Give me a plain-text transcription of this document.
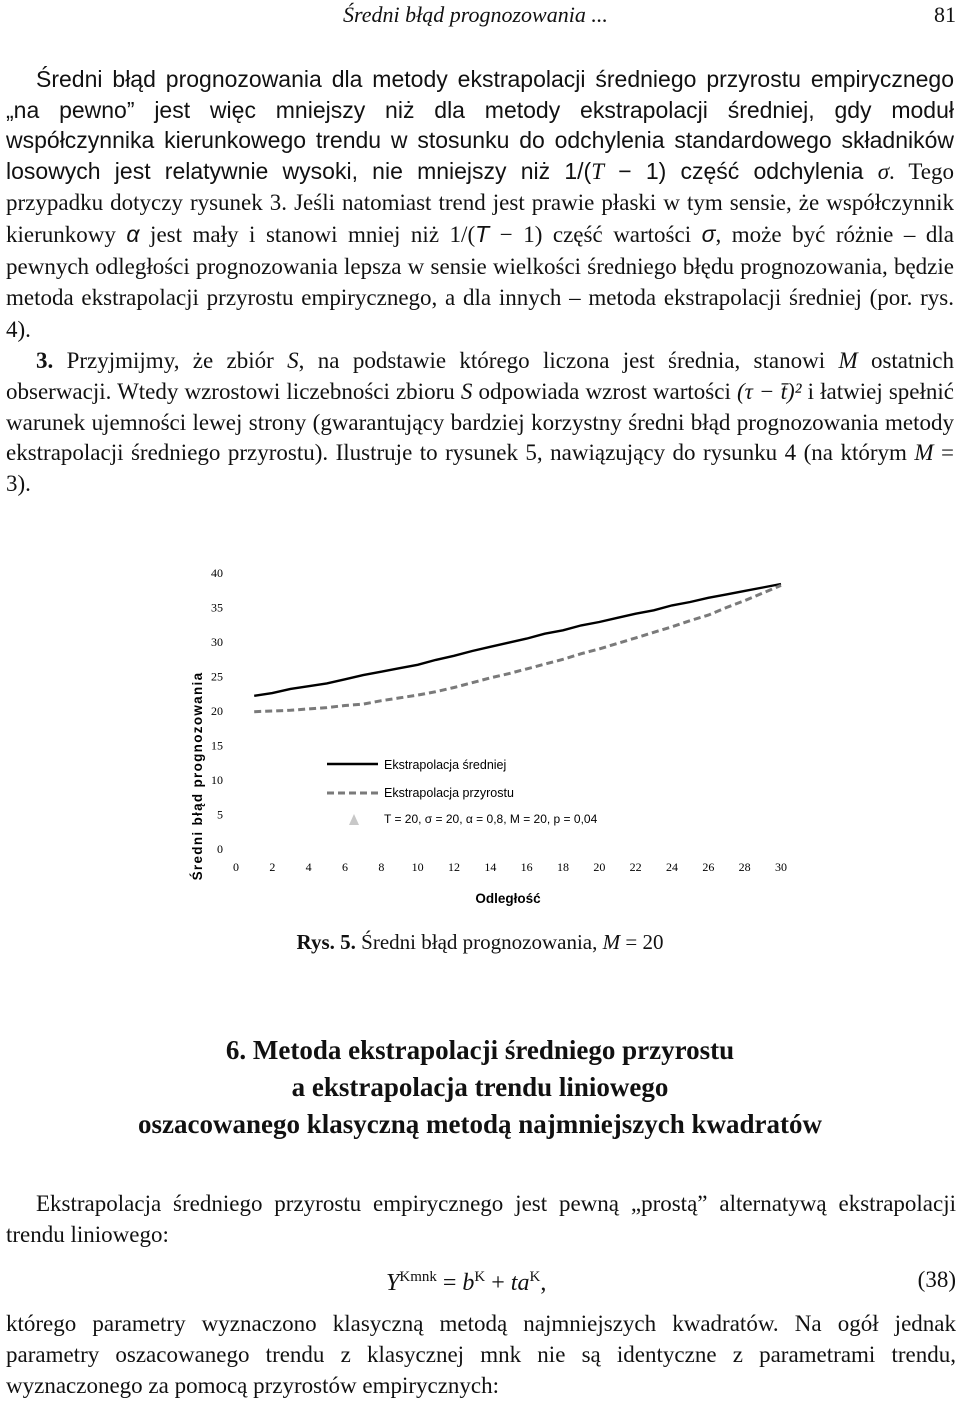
Średni błąd prognozowania ...	81

Średni błąd prognozowania dla metody ekstrapolacji średniego przyrostu empirycznego „na pewno” jest więc mniejszy niż dla metody ekstrapolacji średniej, gdy moduł współczynnika kierunkowego trendu w stosunku do odchylenia standardowego składników losowych jest relatywnie wysoki, nie mniejszy niż 1/(T − 1) część odchylenia σ. Tego przypadku dotyczy rysunek 3. Jeśli natomiast trend jest prawie płaski w tym sensie, że współczynnik kierunkowy α jest mały i stanowi mniej niż 1/(T − 1) część wartości σ, może być różnie – dla pewnych odległości prognozowania lepsza w sensie wielkości średniego błędu prognozowania, będzie metoda ekstrapolacji przyrostu empirycznego, a dla innych – metoda ekstrapolacji średniej (por. rys. 4).

3. Przyjmijmy, że zbiór S, na podstawie którego liczona jest średnia, stanowi M ostatnich obserwacji. Wtedy wzrostowi liczebności zbioru S odpowiada wzrost wartości (τ − t̄)² i łatwiej spełnić warunek ujemności lewej strony (gwarantujący bardziej korzystny średni błąd prognozowania metody ekstrapolacji średniego przyrostu). Ilustruje to rysunek 5, nawiązujący do rysunku 4 (na którym M = 3).

0
5
10
15
20
25
30
35
40
0	2	4	6	8 10 12 14 16 18 20 22 24 26 28 30
Średni błąd prognozowania
Odległość
Ekstrapolacja średniej
Ekstrapolacja przyrostu
T = 20, σ = 20, α = 0,8, M = 20, p = 0,04
Rys. 5. Średni błąd prognozowania, M = 20
6. Metoda ekstrapolacji średniego przyrostu
a ekstrapolacja trendu liniowego
oszacowanego klasyczną metodą najmniejszych kwadratów

Ekstrapolacja średniego przyrostu empirycznego jest pewną „prostą” alternatywą ekstrapolacji trendu liniowego:

$Y^{Kmnk} = b^K + ta^K$,	(38)

którego parametry wyznaczono klasyczną metodą najmniejszych kwadratów. Na ogół jednak parametry oszacowanego trendu z klasycznej mnk nie są identyczne z parametrami trendu, wyznaczonego za pomocą przyrostów empirycznych:
